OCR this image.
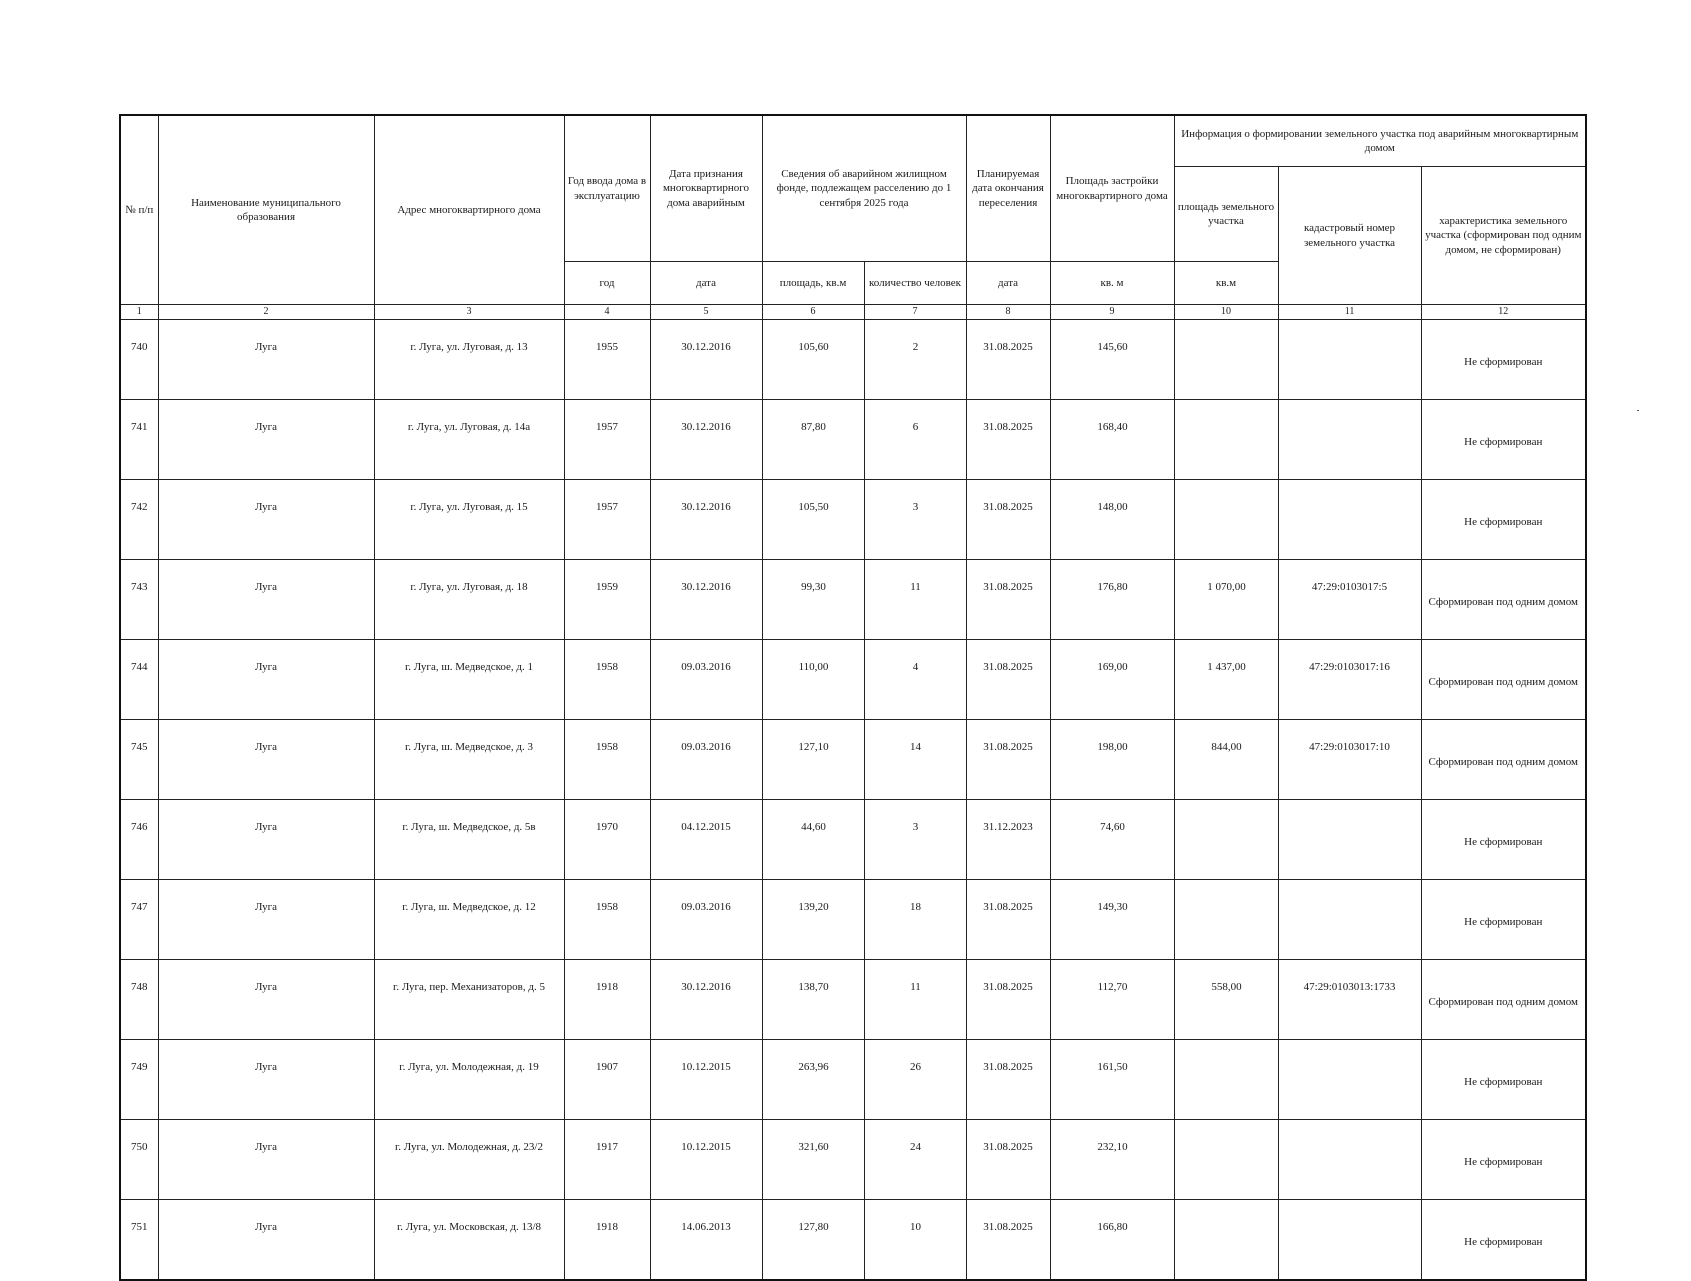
№ п/п	Наименование муниципального образования	Адрес многоквартирного дома	Год ввода дома в эксплуатацию	Дата признания многоквартирного дома аварийным	Сведения об аварийном жилищном фонде, подлежащем расселению до 1 сентября 2025 года		Планируемая дата окончания переселения	Площадь застройки многоквартирного дома	Информация о формировании земельного участка под аварийным многоквартирным домом		
									площадь земельного участка	кадастровый номер земельного участка	характеристика земельного участка (сформирован под одним домом, не сформирован)
			год	дата	площадь, кв.м	количество человек	дата	кв. м	кв.м		
1	2	3	4	5	6	7	8	9	10	11	12
740	Луга	г. Луга, ул. Луговая, д. 13	1955	30.12.2016	105,60	2	31.08.2025	145,60			Не сформирован
741	Луга	г. Луга, ул. Луговая, д. 14а	1957	30.12.2016	87,80	6	31.08.2025	168,40			Не сформирован
742	Луга	г. Луга, ул. Луговая, д. 15	1957	30.12.2016	105,50	3	31.08.2025	148,00			Не сформирован
743	Луга	г. Луга, ул. Луговая, д. 18	1959	30.12.2016	99,30	11	31.08.2025	176,80	1 070,00	47:29:0103017:5	Сформирован под одним домом
744	Луга	г. Луга, ш. Медведское, д. 1	1958	09.03.2016	110,00	4	31.08.2025	169,00	1 437,00	47:29:0103017:16	Сформирован под одним домом
745	Луга	г. Луга, ш. Медведское, д. 3	1958	09.03.2016	127,10	14	31.08.2025	198,00	844,00	47:29:0103017:10	Сформирован под одним домом
746	Луга	г. Луга, ш. Медведское, д. 5в	1970	04.12.2015	44,60	3	31.12.2023	74,60			Не сформирован
747	Луга	г. Луга, ш. Медведское, д. 12	1958	09.03.2016	139,20	18	31.08.2025	149,30			Не сформирован
748	Луга	г. Луга, пер. Механизаторов, д. 5	1918	30.12.2016	138,70	11	31.08.2025	112,70	558,00	47:29:0103013:1733	Сформирован под одним домом
749	Луга	г. Луга, ул. Молодежная, д. 19	1907	10.12.2015	263,96	26	31.08.2025	161,50			Не сформирован
750	Луга	г. Луга, ул. Молодежная, д. 23/2	1917	10.12.2015	321,60	24	31.08.2025	232,10			Не сформирован
751	Луга	г. Луга, ул. Московская, д. 13/8	1918	14.06.2013	127,80	10	31.08.2025	166,80			Не сформирован
